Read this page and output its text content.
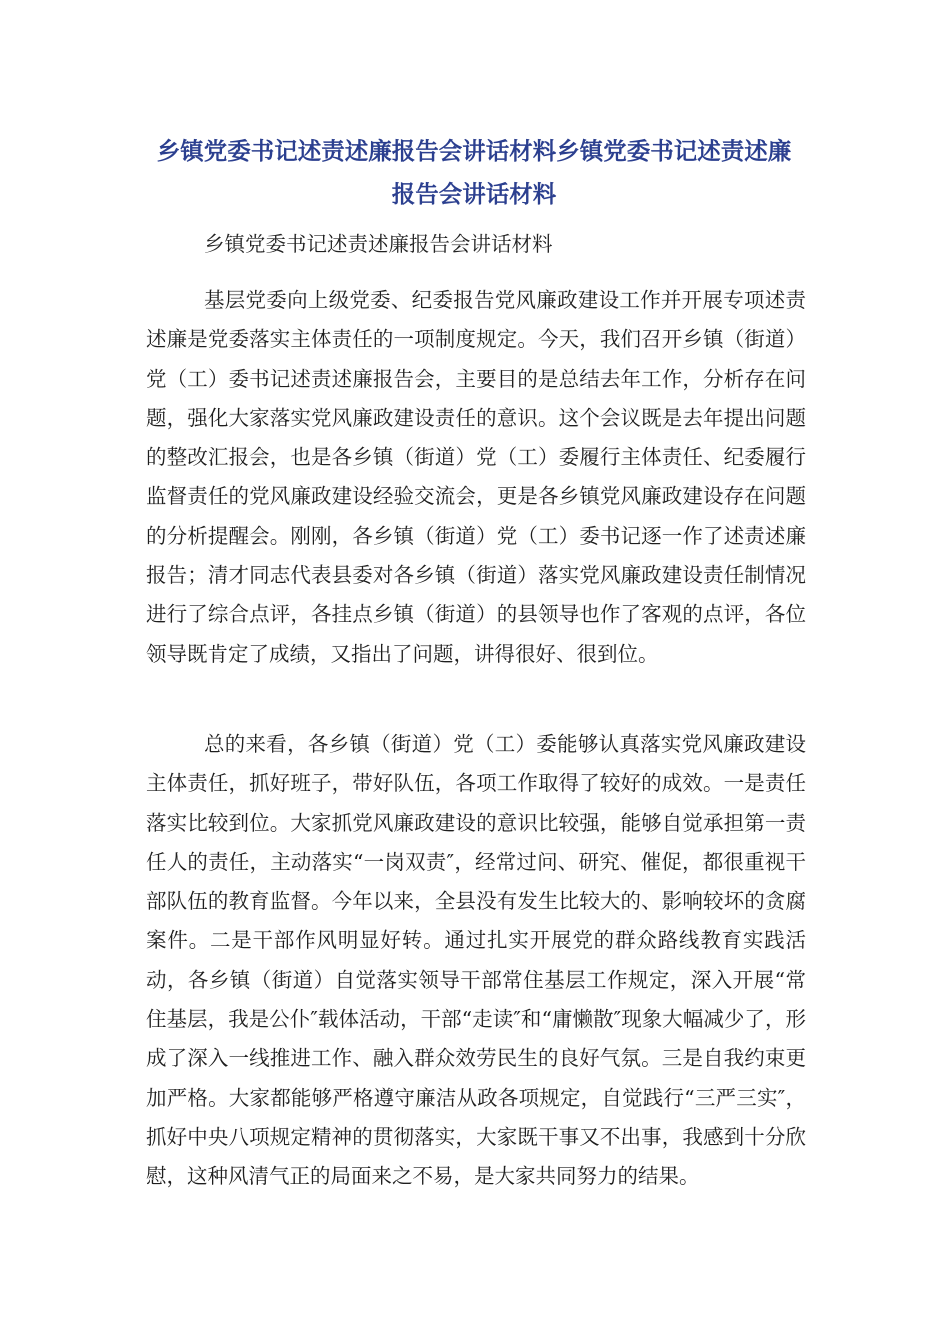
乡镇党委书记述责述廉报告会讲话材料乡镇党委书记述责述廉报告会讲话材料

乡镇党委书记述责述廉报告会讲话材料

基层党委向上级党委、纪委报告党风廉政建设工作并开展专项述责述廉是党委落实主体责任的一项制度规定。今天，我们召开乡镇（街道）党（工）委书记述责述廉报告会，主要目的是总结去年工作，分析存在问题，强化大家落实党风廉政建设责任的意识。这个会议既是去年提出问题的整改汇报会，也是各乡镇（街道）党（工）委履行主体责任、纪委履行监督责任的党风廉政建设经验交流会，更是各乡镇党风廉政建设存在问题的分析提醒会。刚刚，各乡镇（街道）党（工）委书记逐一作了述责述廉报告；清才同志代表县委对各乡镇（街道）落实党风廉政建设责任制情况进行了综合点评，各挂点乡镇（街道）的县领导也作了客观的点评，各位领导既肯定了成绩，又指出了问题，讲得很好、很到位。

总的来看，各乡镇（街道）党（工）委能够认真落实党风廉政建设主体责任，抓好班子，带好队伍，各项工作取得了较好的成效。一是责任落实比较到位。大家抓党风廉政建设的意识比较强，能够自觉承担第一责任人的责任，主动落实“一岗双责″，经常过问、研究、催促，都很重视干部队伍的教育监督。今年以来，全县没有发生比较大的、影响较坏的贪腐案件。二是干部作风明显好转。通过扎实开展党的群众路线教育实践活动，各乡镇（街道）自觉落实领导干部常住基层工作规定，深入开展“常住基层，我是公仆″载体活动，干部“走读″和“庸懒散″现象大幅减少了，形成了深入一线推进工作、融入群众效劳民生的良好气氛。三是自我约束更加严格。大家都能够严格遵守廉洁从政各项规定，自觉践行“三严三实″，抓好中央八项规定精神的贯彻落实，大家既干事又不出事，我感到十分欣慰，这种风清气正的局面来之不易，是大家共同努力的结果。
